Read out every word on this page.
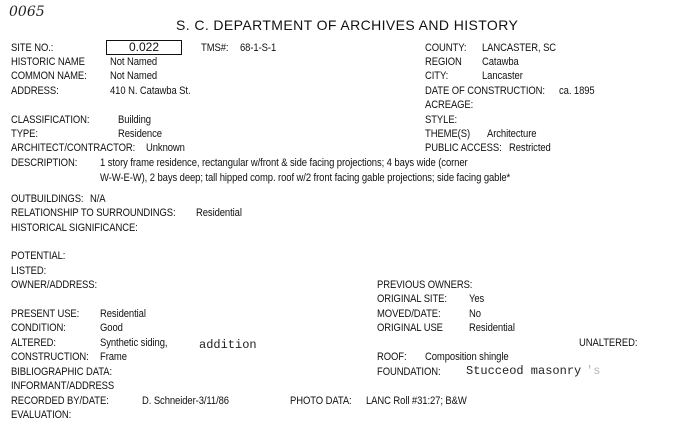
0065
S. C. DEPARTMENT OF ARCHIVES AND HISTORY
SITE NO.:	0.022	TMS#: 68-1-S-1	COUNTY: LANCASTER, SC
HISTORIC NAME Not Named	REGION Catawba
COMMON NAME: Not Named	CITY:	Lancaster
ADDRESS:	410 N. Catawba St.	DATE OF CONSTRUCTION: ca. 1895
ACREAGE:
CLASSIFICATION:	Building	STYLE:
TYPE:	Residence	THEME(S) Architecture
ARCHITECT/CONTRACTOR: Unknown	PUBLIC ACCESS: Restricted
DESCRIPTION: 1 story frame residence, rectangular w/front & side facing projections; 4 bays wide (corner
W-W-E-W), 2 bays deep; tall hipped comp. roof w/2 front facing gable projections; side facing gable*
OUTBUILDINGS: N/A
RELATIONSHIP TO SURROUNDINGS: Residential
HISTORICAL SIGNIFICANCE:
POTENTIAL:
LISTED:
OWNER/ADDRESS:	PREVIOUS OWNERS:
ORIGINAL SITE: Yes
PRESENT USE: Residential	MOVED/DATE:	No
CONDITION:	Good	ORIGINAL USE Residential
ALTERED:	Synthetic siding,	addition	UNALTERED:
CONSTRUCTION: Frame	ROOF: Composition shingle
BIBLIOGRAPHIC DATA:	FOUNDATION: Stucceod masonry 's
INFORMANT/ADDRESS
RECORDED BY/DATE:	D. Schneider-3/11/86	PHOTO DATA: LANC Roll #31:27; B&W
EVALUATION:
